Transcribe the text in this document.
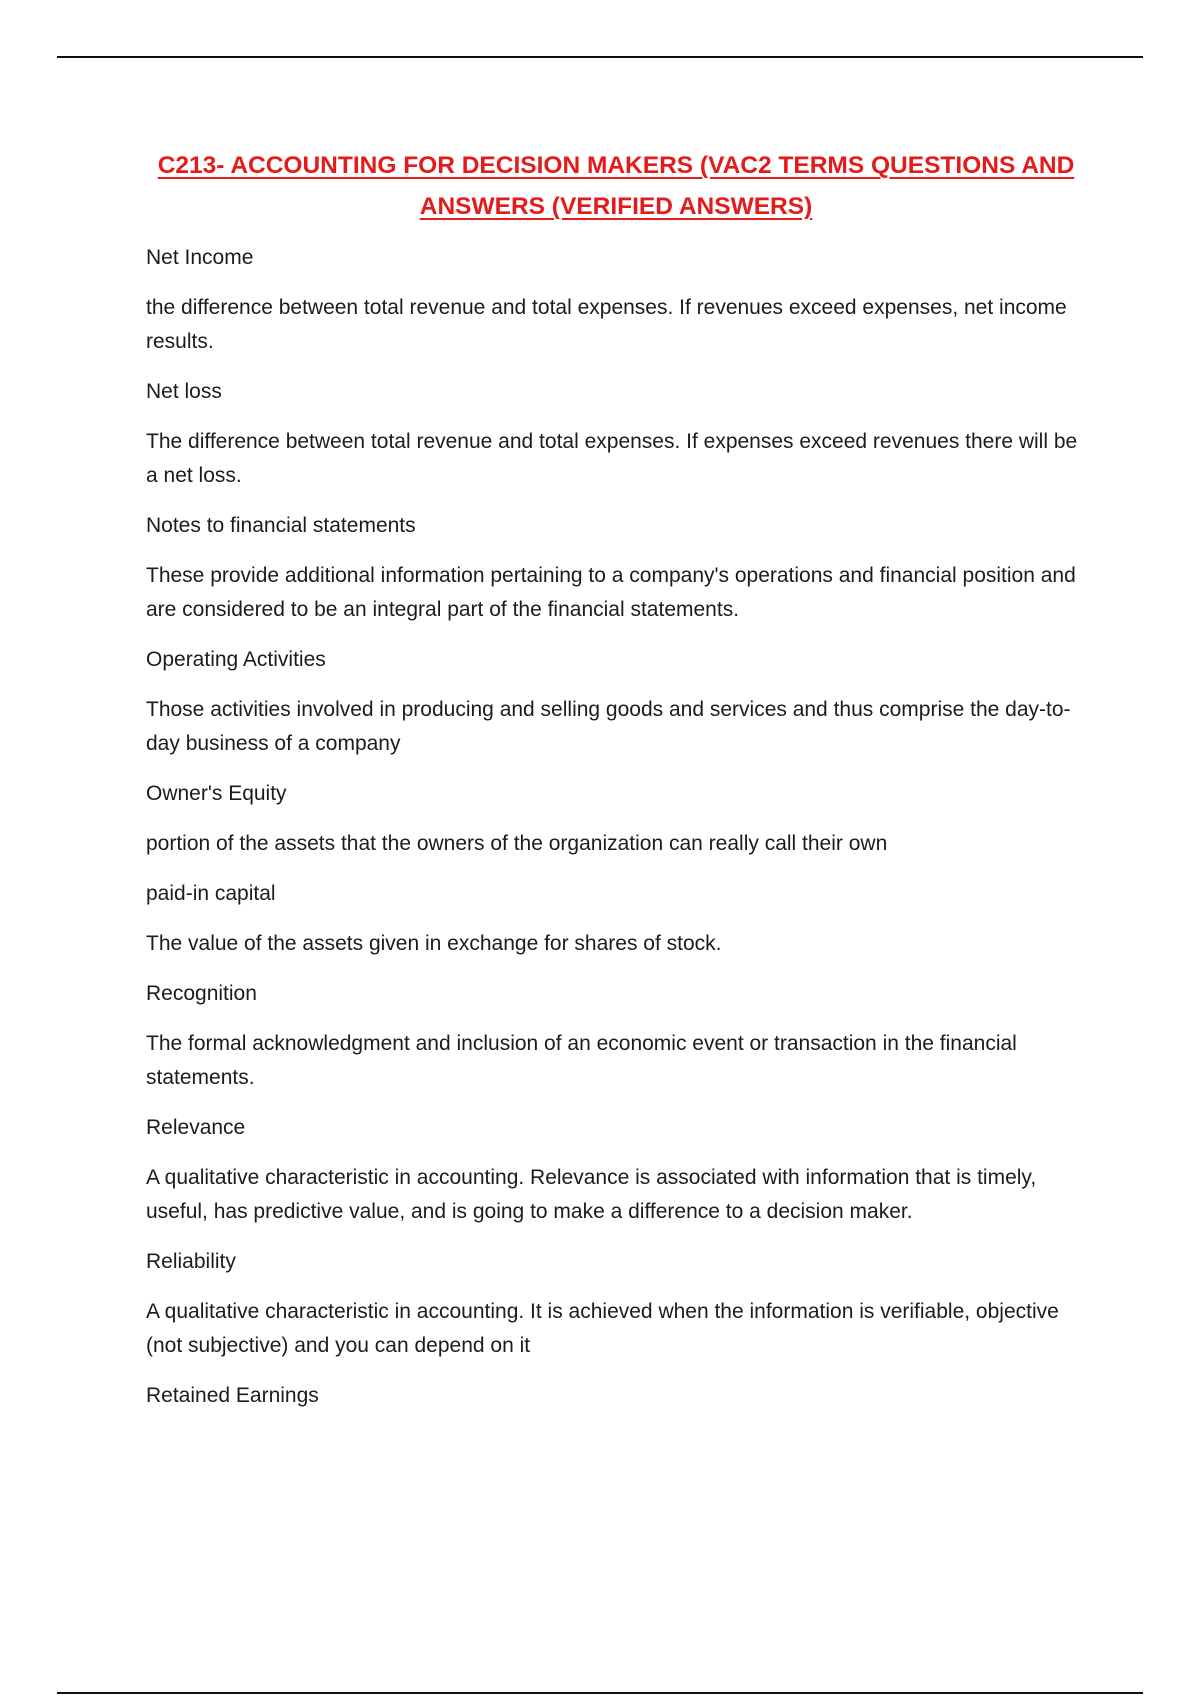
C213- ACCOUNTING FOR DECISION MAKERS (VAC2 TERMS QUESTIONS AND ANSWERS (VERIFIED ANSWERS)

Net Income

the difference between total revenue and total expenses. If revenues exceed expenses, net income results.

Net loss

The difference between total revenue and total expenses. If expenses exceed revenues there will be a net loss.

Notes to financial statements

These provide additional information pertaining to a company's operations and financial position and are considered to be an integral part of the financial statements.

Operating Activities

Those activities involved in producing and selling goods and services and thus comprise the day-to-day business of a company

Owner's Equity

portion of the assets that the owners of the organization can really call their own

paid-in capital

The value of the assets given in exchange for shares of stock.

Recognition

The formal acknowledgment and inclusion of an economic event or transaction in the financial statements.

Relevance

A qualitative characteristic in accounting. Relevance is associated with information that is timely, useful, has predictive value, and is going to make a difference to a decision maker.

Reliability

A qualitative characteristic in accounting. It is achieved when the information is verifiable, objective (not subjective) and you can depend on it

Retained Earnings
